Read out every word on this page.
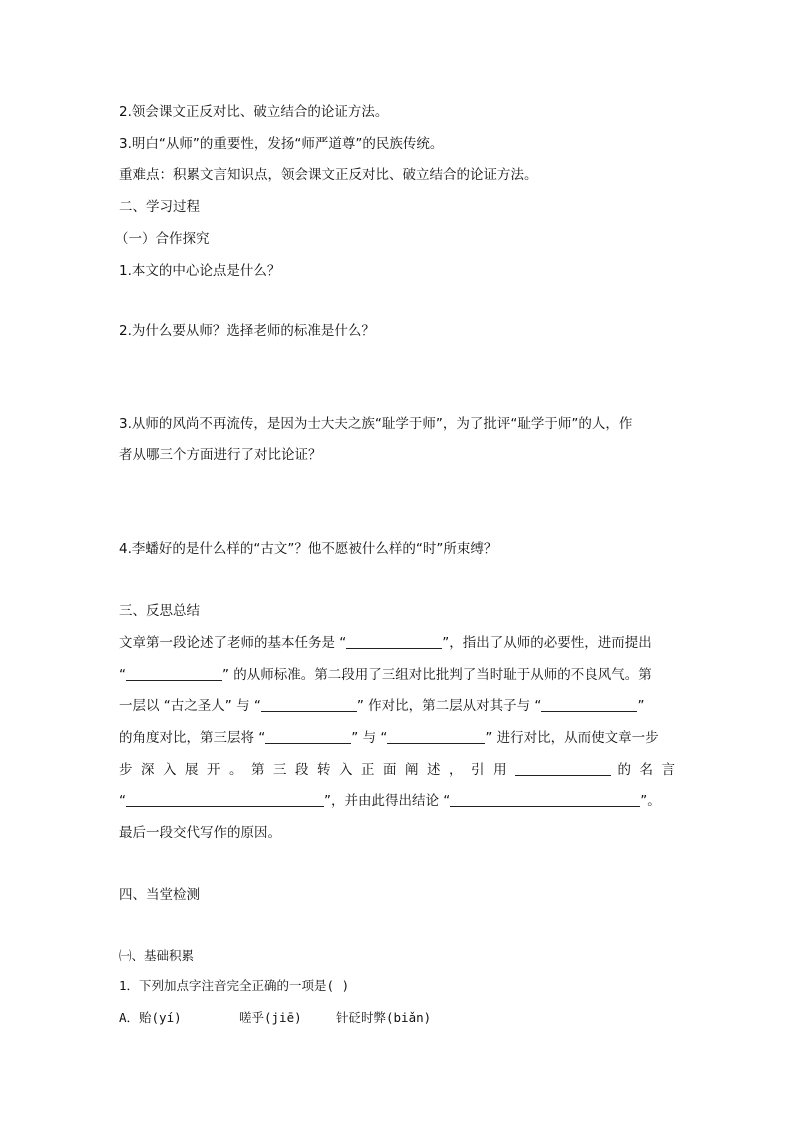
2.领会课文正反对比、破立结合的论证方法。
3.明白“从师”的重要性，发扬“师严道尊”的民族传统。
重难点：积累文言知识点，领会课文正反对比、破立结合的论证方法。
二、学习过程
（一）合作探究
1.本文的中心论点是什么？
2.为什么要从师？选择老师的标准是什么？
3.从师的风尚不再流传，是因为士大夫之族“耻学于师”，为了批评“耻学于师”的人，作
者从哪三个方面进行了对比论证？
4.李蟠好的是什么样的“古文”？他不愿被什么样的“时”所束缚？
三、反思总结
文章第一段论述了老师的基本任务是 “	”，指出了从师的必要性，进而提出
“	” 的从师标准。第二段用了三组对比批判了当时耻于从师的不良风气。第
一层以 “古之圣人” 与 “	” 作对比，第二层从对其子与 “	”
的角度对比，第三层将 “	” 与 “	” 进行对比，从而使文章一步
步 深 入 展 开 。 第 三 段 转 入 正 面 阐 述 ， 引 用	的 名 言
“	”，并由此得出结论 “	”。
最后一段交代写作的原因。
四、当堂检测
㈠、基础积累
1．下列加点字注音完全正确的一项是( )
A．贻(yí)	嗟乎(jiē)	针砭时弊(biǎn)
